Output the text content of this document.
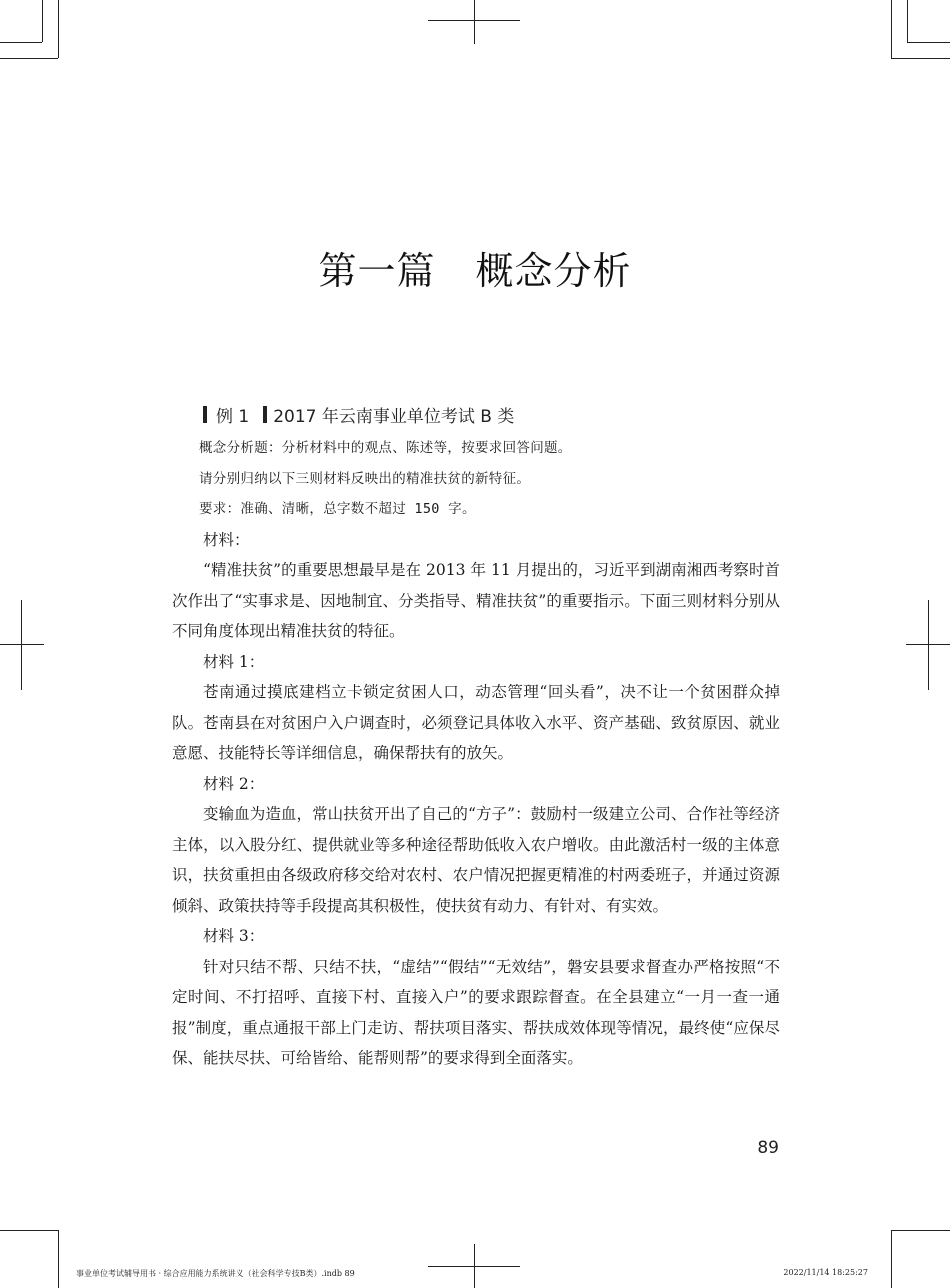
第一篇 概念分析
例 1 2017 年云南事业单位考试 B 类

概念分析题：分析材料中的观点、陈述等，按要求回答问题。

请分别归纳以下三则材料反映出的精准扶贫的新特征。

要求：准确、清晰，总字数不超过 150 字。

材料：

“精准扶贫”的重要思想最早是在 2013 年 11 月提出的，习近平到湖南湘西考察时首次作出了“实事求是、因地制宜、分类指导、精准扶贫”的重要指示。下面三则材料分别从不同角度体现出精准扶贫的特征。

材料 1：

苍南通过摸底建档立卡锁定贫困人口，动态管理“回头看”，决不让一个贫困群众掉队。苍南县在对贫困户入户调查时，必须登记具体收入水平、资产基础、致贫原因、就业意愿、技能特长等详细信息，确保帮扶有的放矢。

材料 2：

变输血为造血，常山扶贫开出了自己的“方子”：鼓励村一级建立公司、合作社等经济主体，以入股分红、提供就业等多种途径帮助低收入农户增收。由此激活村一级的主体意识，扶贫重担由各级政府移交给对农村、农户情况把握更精准的村两委班子，并通过资源倾斜、政策扶持等手段提高其积极性，使扶贫有动力、有针对、有实效。

材料 3：

针对只结不帮、只结不扶，“虚结”“假结”“无效结”，磐安县要求督查办严格按照“不定时间、不打招呼、直接下村、直接入户”的要求跟踪督查。在全县建立“一月一查一通报”制度，重点通报干部上门走访、帮扶项目落实、帮扶成效体现等情况，最终使“应保尽保、能扶尽扶、可给皆给、能帮则帮”的要求得到全面落实。

89
事业单位考试辅导用书 · 综合应用能力系统讲义（社会科学专技B类）.indb 89	2022/11/14 18:25:27
